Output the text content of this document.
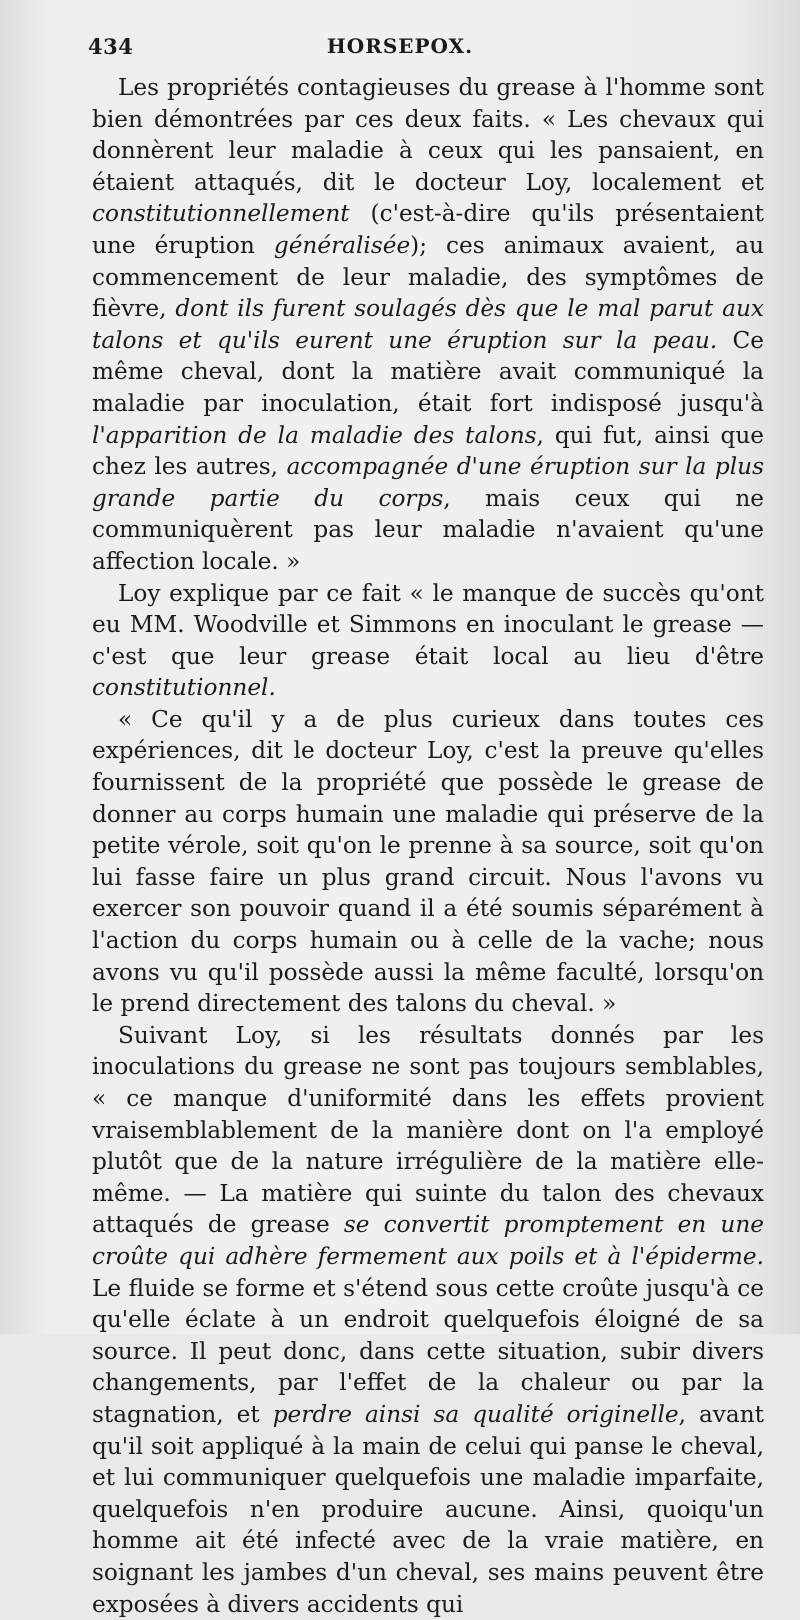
434	HORSEPOX.

Les propriétés contagieuses du grease à l'homme sont bien démontrées par ces deux faits. « Les chevaux qui donnèrent leur maladie à ceux qui les pansaient, en étaient attaqués, dit le docteur Loy, localement et constitutionnellement (c'est-à-dire qu'ils présentaient une éruption généralisée); ces animaux avaient, au commencement de leur maladie, des symptômes de fièvre, dont ils furent soulagés dès que le mal parut aux talons et qu'ils eurent une éruption sur la peau. Ce même cheval, dont la matière avait communiqué la maladie par inoculation, était fort indisposé jusqu'à l'apparition de la maladie des talons, qui fut, ainsi que chez les autres, accompagnée d'une éruption sur la plus grande partie du corps, mais ceux qui ne communiquèrent pas leur maladie n'avaient qu'une affection locale. »

Loy explique par ce fait « le manque de succès qu'ont eu MM. Woodville et Simmons en inoculant le grease — c'est que leur grease était local au lieu d'être constitutionnel.

« Ce qu'il y a de plus curieux dans toutes ces expériences, dit le docteur Loy, c'est la preuve qu'elles fournissent de la propriété que possède le grease de donner au corps humain une maladie qui préserve de la petite vérole, soit qu'on le prenne à sa source, soit qu'on lui fasse faire un plus grand circuit. Nous l'avons vu exercer son pouvoir quand il a été soumis séparément à l'action du corps humain ou à celle de la vache; nous avons vu qu'il possède aussi la même faculté, lorsqu'on le prend directement des talons du cheval. »

Suivant Loy, si les résultats donnés par les inoculations du grease ne sont pas toujours semblables, « ce manque d'uniformité dans les effets provient vraisemblablement de la manière dont on l'a employé plutôt que de la nature irrégulière de la matière elle-même. — La matière qui suinte du talon des chevaux attaqués de grease se convertit promptement en une croûte qui adhère fermement aux poils et à l'épiderme. Le fluide se forme et s'étend sous cette croûte jusqu'à ce qu'elle éclate à un endroit quelquefois éloigné de sa source. Il peut donc, dans cette situation, subir divers changements, par l'effet de la chaleur ou par la stagnation, et perdre ainsi sa qualité originelle, avant qu'il soit appliqué à la main de celui qui panse le cheval, et lui communiquer quelquefois une maladie imparfaite, quelquefois n'en produire aucune. Ainsi, quoiqu'un homme ait été infecté avec de la vraie matière, en soignant les jambes d'un cheval, ses mains peuvent être exposées à divers accidents qui
